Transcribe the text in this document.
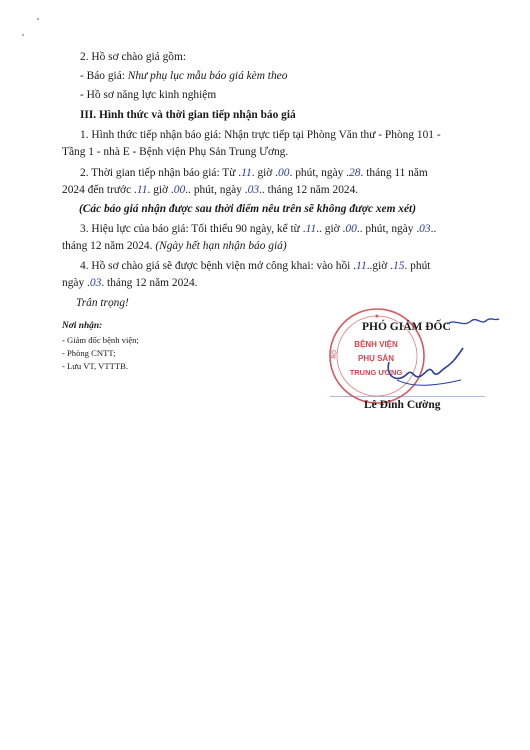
2. Hồ sơ chào giá gồm:
- Báo giá: Như phụ lục mẫu báo giá kèm theo
- Hồ sơ năng lực kinh nghiệm
III. Hình thức và thời gian tiếp nhận báo giá
1. Hình thức tiếp nhận báo giá: Nhận trực tiếp tại Phòng Văn thư - Phòng 101 -
Tầng 1 - nhà E - Bệnh viện Phụ Sản Trung Ương.
2. Thời gian tiếp nhận báo giá: Từ .11. giờ .00. phút, ngày .28. tháng 11 năm
2024 đến trước .11. giờ .00.. phút, ngày .03.. tháng 12 năm 2024.
(Các báo giá nhận được sau thời điểm nêu trên sẽ không được xem xét)
3. Hiệu lực của báo giá: Tối thiểu 90 ngày, kể từ .11.. giờ .00.. phút, ngày .03..
tháng 12 năm 2024. (Ngày hết hạn nhận báo giá)
4. Hồ sơ chào giá sẽ được bệnh viện mở công khai: vào hồi .11..giờ .15. phút
ngày .03. tháng 12 năm 2024.
Trân trọng!
Nơi nhận:
- Giám đốc bệnh viện;
- Phòng CNTT;
- Lưu VT, VTTTB.
★
BỘ
BỆNH VIỆN
PHỤ SẢN
TRUNG ƯƠNG
PHÓ GIÁM ĐỐC
Lê Đình Cường
